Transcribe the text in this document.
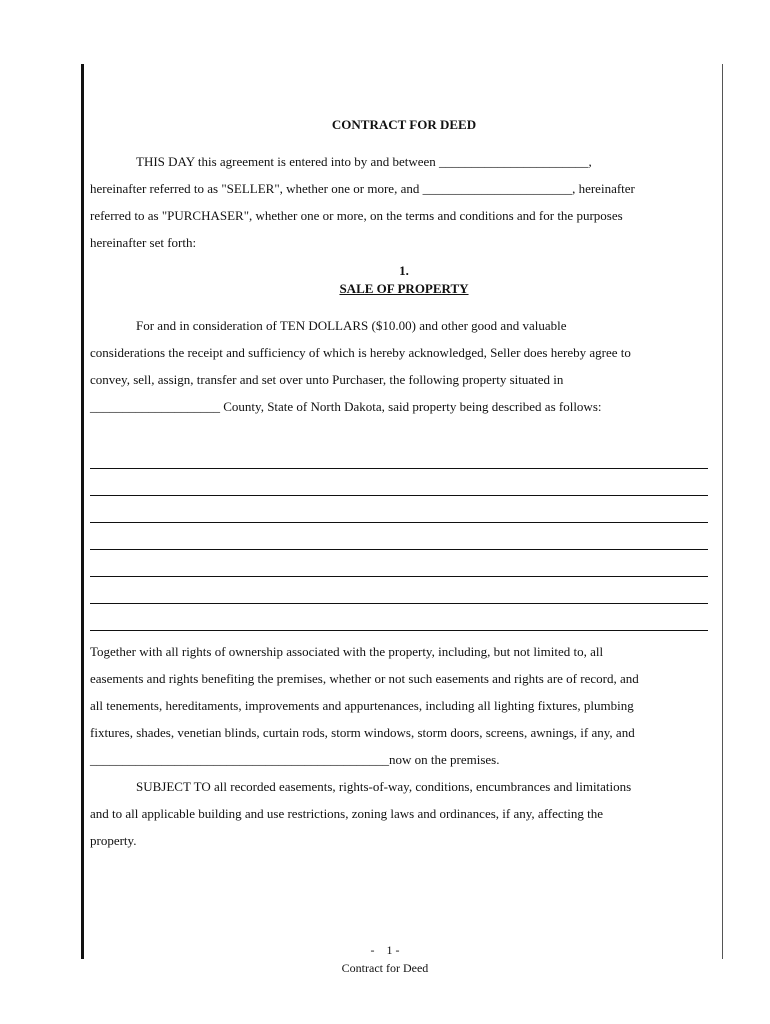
CONTRACT FOR DEED
THIS DAY this agreement is entered into by and between _______________________,
hereinafter referred to as "SELLER", whether one or more, and _______________________, hereinafter
referred to as "PURCHASER", whether one or more, on the terms and conditions and for the purposes
hereinafter set forth:
1.
SALE OF PROPERTY
For and in consideration of TEN DOLLARS ($10.00) and other good and valuable
considerations the receipt and sufficiency of which is hereby acknowledged, Seller does hereby agree to
convey, sell, assign, transfer and set over unto Purchaser, the following property situated in
____________________ County, State of North Dakota, said property being described as follows:
Together with all rights of ownership associated with the property, including, but not limited to, all
easements and rights benefiting the premises, whether or not such easements and rights are of record, and
all tenements, hereditaments, improvements and appurtenances, including all lighting fixtures, plumbing
fixtures, shades, venetian blinds, curtain rods, storm windows, storm doors, screens, awnings, if any, and
______________________________________________now on the premises.
SUBJECT TO all recorded easements, rights-of-way, conditions, encumbrances and limitations
and to all applicable building and use restrictions, zoning laws and ordinances, if any, affecting the
property.
-    1 -
Contract for Deed
